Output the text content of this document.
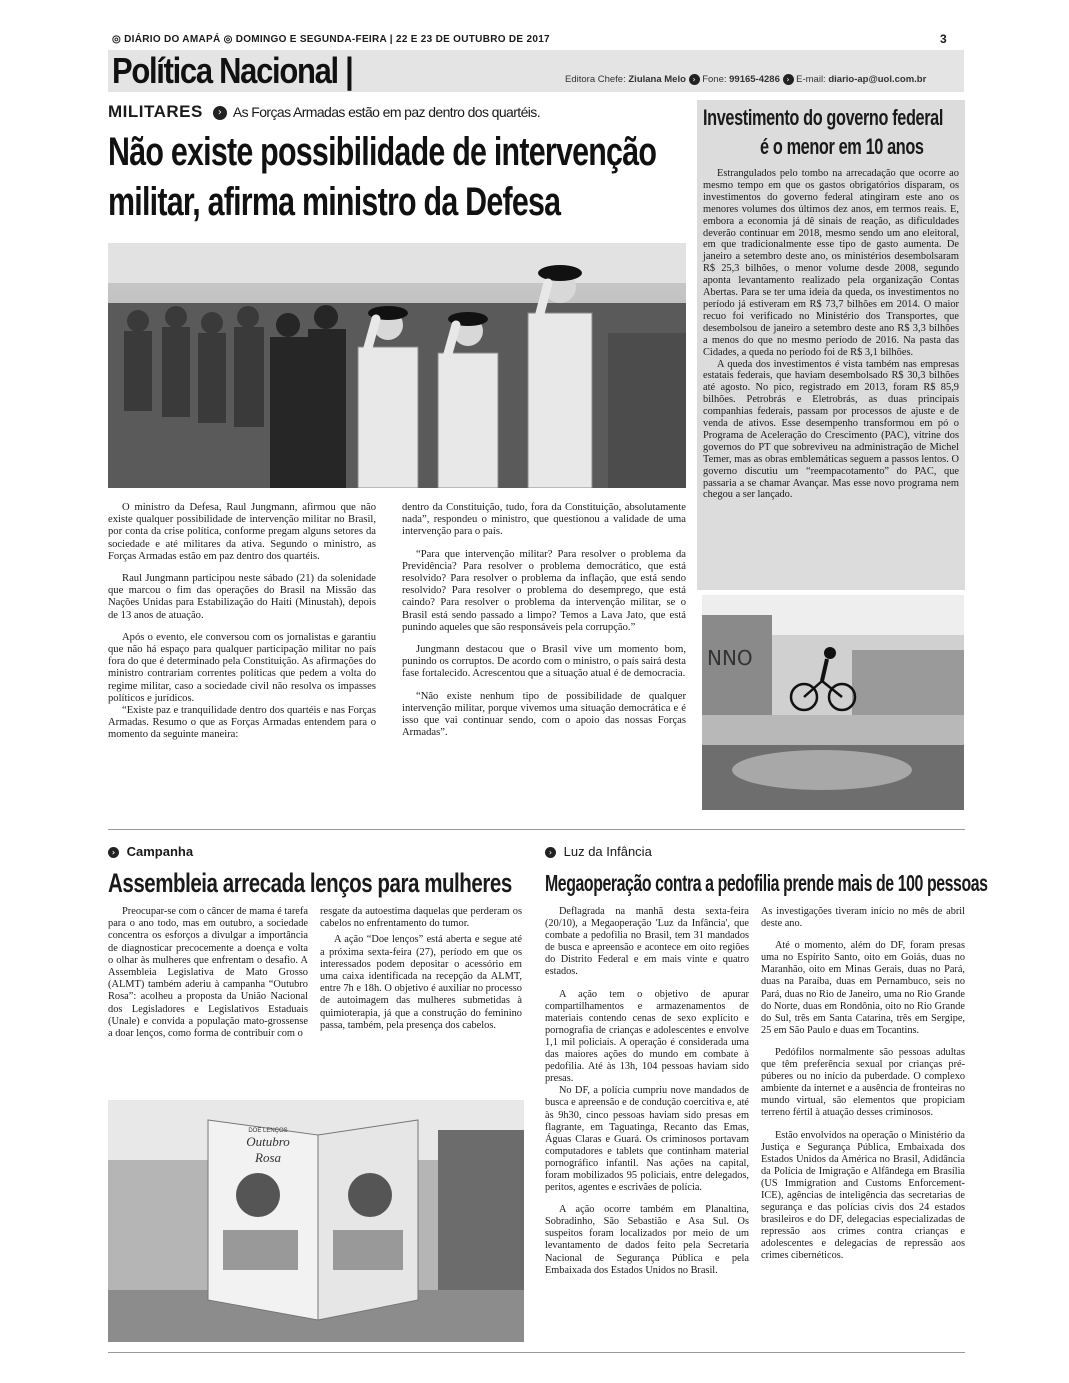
◎ DIÁRIO DO AMAPÁ ◎ DOMINGO E SEGUNDA-FEIRA | 22 E 23 DE OUTUBRO DE 2017	3
Política Nacional |	Editora Chefe: Ziulana Melo › Fone: 99165-4286 › E-mail: diario-ap@uol.com.br
MILITARES › As Forças Armadas estão em paz dentro dos quartéis.
Não existe possibilidade de intervenção
militar, afirma ministro da Defesa

O ministro da Defesa, Raul Jungmann, afirmou que não existe qualquer possibilidade de intervenção militar no Brasil, por conta da crise política, conforme pregam alguns setores da sociedade e até militares da ativa. Segundo o ministro, as Forças Armadas estão em paz dentro dos quartéis.

Raul Jungmann participou neste sábado (21) da solenidade que marcou o fim das operações do Brasil na Missão das Nações Unidas para Estabilização do Haiti (Minustah), depois de 13 anos de atuação.

Após o evento, ele conversou com os jornalistas e garantiu que não há espaço para qualquer participação militar no país fora do que é determinado pela Constituição. As afirmações do ministro contrariam correntes políticas que pedem a volta do regime militar, caso a sociedade civil não resolva os impasses políticos e jurídicos.

“Existe paz e tranquilidade dentro dos quartéis e nas Forças Armadas. Resumo o que as Forças Armadas entendem para o momento da seguinte maneira:

dentro da Constituição, tudo, fora da Constituição, absolutamente nada”, respondeu o ministro, que questionou a validade de uma intervenção para o país.

“Para que intervenção militar? Para resolver o problema da Previdência? Para resolver o problema democrático, que está resolvido? Para resolver o problema da inflação, que está sendo resolvido? Para resolver o problema do desemprego, que está caindo? Para resolver o problema da intervenção militar, se o Brasil está sendo passado a limpo? Temos a Lava Jato, que está punindo aqueles que são responsáveis pela corrupção.”

Jungmann destacou que o Brasil vive um momento bom, punindo os corruptos. De acordo com o ministro, o país sairá desta fase fortalecido. Acrescentou que a situação atual é de democracia.

“Não existe nenhum tipo de possibilidade de qualquer intervenção militar, porque vivemos uma situação democrática e é isso que vai continuar sendo, com o apoio das nossas Forças Armadas”.

Investimento do governo federal
é o menor em 10 anos

Estrangulados pelo tombo na arrecadação que ocorre ao mesmo tempo em que os gastos obrigatórios disparam, os investimentos do governo federal atingiram este ano os menores volumes dos últimos dez anos, em termos reais. E, embora a economia já dê sinais de reação, as dificuldades deverão continuar em 2018, mesmo sendo um ano eleitoral, em que tradicionalmente esse tipo de gasto aumenta. De janeiro a setembro deste ano, os ministérios desembolsaram R$ 25,3 bilhões, o menor volume desde 2008, segundo aponta levantamento realizado pela organização Contas Abertas. Para se ter uma ideia da queda, os investimentos no período já estiveram em R$ 73,7 bilhões em 2014. O maior recuo foi verificado no Ministério dos Transportes, que desembolsou de janeiro a setembro deste ano R$ 3,3 bilhões a menos do que no mesmo período de 2016. Na pasta das Cidades, a queda no período foi de R$ 3,1 bilhões.

A queda dos investimentos é vista também nas empresas estatais federais, que haviam desembolsado R$ 30,3 bilhões até agosto. No pico, registrado em 2013, foram R$ 85,9 bilhões. Petrobrás e Eletrobrás, as duas principais companhias federais, passam por processos de ajuste e de venda de ativos. Esse desempenho transformou em pó o Programa de Aceleração do Crescimento (PAC), vitrine dos governos do PT que sobreviveu na administração de Michel Temer, mas as obras emblemáticas seguem a passos lentos. O governo discutiu um “reempacotamento” do PAC, que passaria a se chamar Avançar. Mas esse novo programa nem chegou a ser lançado.

NNO
› Campanha
Assembleia arrecada lenços para mulheres

Preocupar-se com o câncer de mama é tarefa para o ano todo, mas em outubro, a sociedade concentra os esforços a divulgar a importância de diagnosticar precocemente a doença e volta o olhar às mulheres que enfrentam o desafio. A Assembleia Legislativa de Mato Grosso (ALMT) também aderiu à campanha “Outubro Rosa”: acolheu a proposta da União Nacional dos Legisladores e Legislativos Estaduais (Unale) e convida a população mato-grossense a doar lenços, como forma de contribuir com o

resgate da autoestima daquelas que perderam os cabelos no enfrentamento do tumor.

A ação “Doe lenços” está aberta e segue até a próxima sexta-feira (27), período em que os interessados podem depositar o acessório em uma caixa identificada na recepção da ALMT, entre 7h e 18h. O objetivo é auxiliar no processo de autoimagem das mulheres submetidas à quimioterapia, já que a construção do feminino passa, também, pela presença dos cabelos.

DOE LENÇOS
Outubro
Rosa
› Luz da Infância
Megaoperação contra a pedofilia prende mais de 100 pessoas

Deflagrada na manhã desta sexta-feira (20/10), a Megaoperação 'Luz da Infância', que combate a pedofilia no Brasil, tem 31 mandados de busca e apreensão e acontece em oito regiões do Distrito Federal e em mais vinte e quatro estados.

A ação tem o objetivo de apurar compartilhamentos e armazenamentos de materiais contendo cenas de sexo explícito e pornografia de crianças e adolescentes e envolve 1,1 mil policiais. A operação é considerada uma das maiores ações do mundo em combate à pedofilia. Até às 13h, 104 pessoas haviam sido presas.

No DF, a polícia cumpriu nove mandados de busca e apreensão e de condução coercitiva e, até às 9h30, cinco pessoas haviam sido presas em flagrante, em Taguatinga, Recanto das Emas, Águas Claras e Guará. Os criminosos portavam computadores e tablets que continham material pornográfico infantil. Nas ações na capital, foram mobilizados 95 policiais, entre delegados, peritos, agentes e escrivães de polícia.

A ação ocorre também em Planaltina, Sobradinho, São Sebastião e Asa Sul. Os suspeitos foram localizados por meio de um levantamento de dados feito pela Secretaria Nacional de Segurança Pública e pela Embaixada dos Estados Unidos no Brasil.

As investigações tiveram início no mês de abril deste ano.

Até o momento, além do DF, foram presas uma no Espírito Santo, oito em Goiás, duas no Maranhão, oito em Minas Gerais, duas no Pará, duas na Paraíba, duas em Pernambuco, seis no Pará, duas no Rio de Janeiro, uma no Rio Grande do Norte, duas em Rondônia, oito no Rio Grande do Sul, três em Santa Catarina, três em Sergipe, 25 em São Paulo e duas em Tocantins.

Pedófilos normalmente são pessoas adultas que têm preferência sexual por crianças pré-púberes ou no início da puberdade. O complexo ambiente da internet e a ausência de fronteiras no mundo virtual, são elementos que propiciam terreno fértil à atuação desses criminosos.

Estão envolvidos na operação o Ministério da Justiça e Segurança Pública, Embaixada dos Estados Unidos da América no Brasil, Adidância da Polícia de Imigração e Alfândega em Brasília (US Immigration and Customs Enforcement-ICE), agências de inteligência das secretarias de segurança e das polícias civis dos 24 estados brasileiros e do DF, delegacias especializadas de repressão aos crimes contra crianças e adolescentes e delegacias de repressão aos crimes cibernéticos.
